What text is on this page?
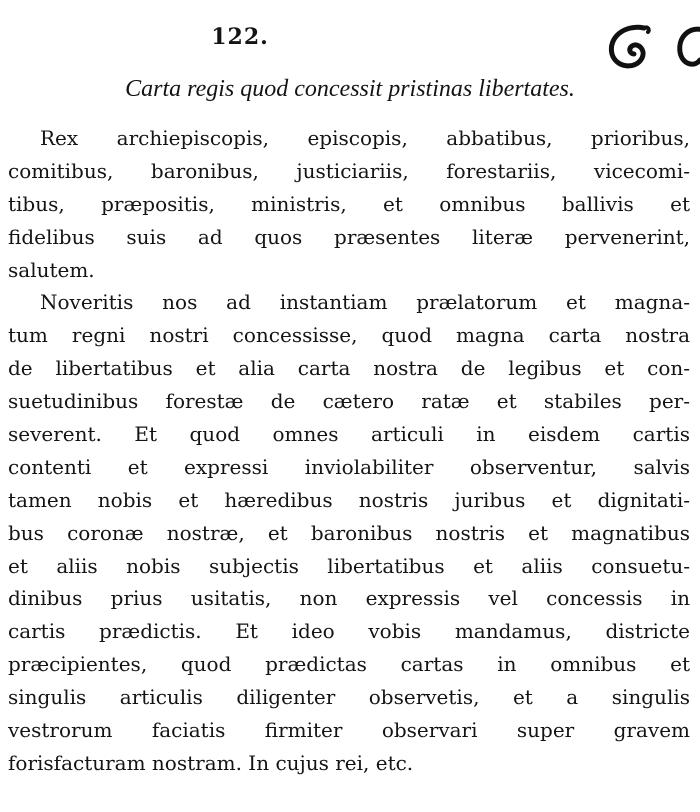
122.
Carta regis quod concessit pristinas libertates.
Rex archiepiscopis, episcopis, abbatibus, prioribus,
comitibus, baronibus, justiciariis, forestariis, vicecomi-
tibus, præpositis, ministris, et omnibus ballivis et
fidelibus suis ad quos præsentes literæ pervenerint,
salutem.
Noveritis nos ad instantiam prælatorum et magna-
tum regni nostri concessisse, quod magna carta nostra
de libertatibus et alia carta nostra de legibus et con-
suetudinibus forestæ de cætero ratæ et stabiles per-
severent. Et quod omnes articuli in eisdem cartis
contenti et expressi inviolabiliter observentur, salvis
tamen nobis et hæredibus nostris juribus et dignitati-
bus coronæ nostræ, et baronibus nostris et magnatibus
et aliis nobis subjectis libertatibus et aliis consuetu-
dinibus prius usitatis, non expressis vel concessis in
cartis prædictis. Et ideo vobis mandamus, districte
præcipientes, quod prædictas cartas in omnibus et
singulis articulis diligenter observetis, et a singulis
vestrorum faciatis firmiter observari super gravem
forisfacturam nostram. In cujus rei, etc.
